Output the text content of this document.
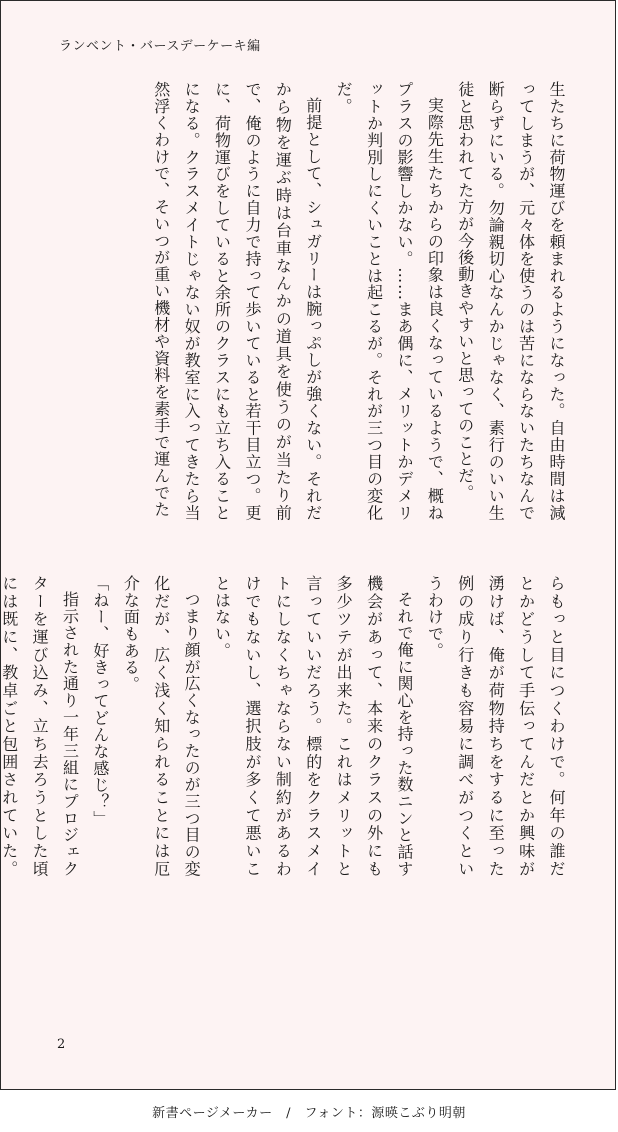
ランベント・バースデーケーキ編

生たちに荷物運びを頼まれるようになった。自由時間は減ってしまうが、元々体を使うのは苦にならないたちなんで断らずにいる。勿論親切心なんかじゃなく、素行のいい生徒と思われてた方が今後動きやすいと思ってのことだ。

実際先生たちからの印象は良くなっているようで、概ねプラスの影響しかない。……まあ偶に、メリットかデメリットか判別しにくいことは起こるが。それが三つ目の変化だ。

前提として、シュガリーは腕っぷしが強くない。それだから物を運ぶ時は台車なんかの道具を使うのが当たり前で、俺のように自力で持って歩いていると若干目立つ。更に、荷物運びをしていると余所のクラスにも立ち入ることになる。クラスメイトじゃない奴が教室に入ってきたら当然浮くわけで、そいつが重い機材や資料を素手で運んでた

らもっと目につくわけで。何年の誰だとかどうして手伝ってんだとか興味が湧けば、俺が荷物持ちをするに至った例の成り行きも容易に調べがつくというわけで。

それで俺に関心を持った数ニンと話す機会があって、本来のクラスの外にも多少ツテが出来た。これはメリットと言っていいだろう。標的をクラスメイトにしなくちゃならない制約があるわけでもないし、選択肢が多くて悪いことはない。

つまり顔が広くなったのが三つ目の変化だが、広く浅く知られることには厄介な面もある。

「ねー、好きってどんな感じ？」

指示された通り一年三組にプロジェクターを運び込み、立ち去ろうとした頃には既に、教卓ごと包囲されていた。

2
新書ページメーカー　/　フォント：源暎こぶり明朝
